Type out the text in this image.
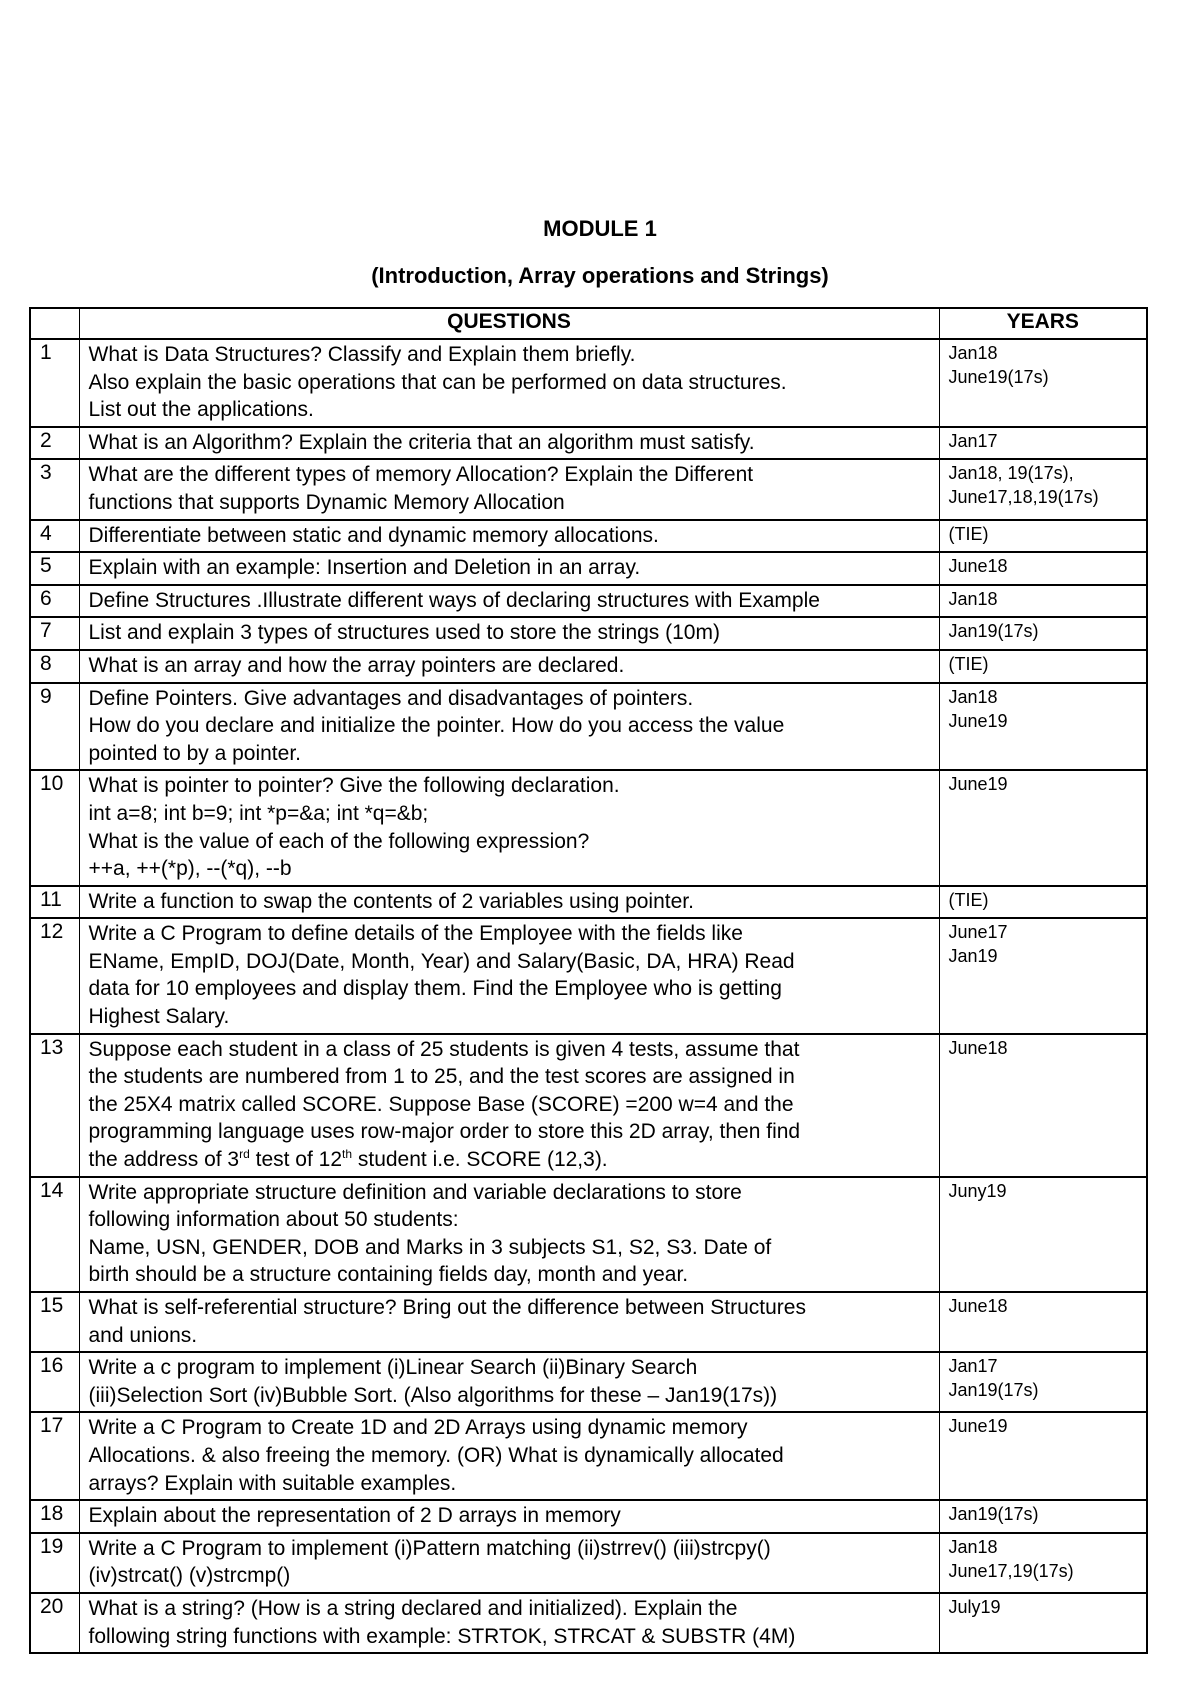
MODULE 1
(Introduction, Array operations and Strings)
	QUESTIONS	YEARS
1	What is Data Structures? Classify and Explain them briefly.
Also explain the basic operations that can be performed on data structures.
List out the applications.	Jan18
June19(17s)

2	What is an Algorithm? Explain the criteria that an algorithm must satisfy.	Jan17

3	What are the different types of memory Allocation? Explain the Different
functions that supports Dynamic Memory Allocation	Jan18, 19(17s),
June17,18,19(17s)

4	Differentiate between static and dynamic memory allocations.	(TIE)

5	Explain with an example: Insertion and Deletion in an array.	June18

6	Define Structures .Illustrate different ways of declaring structures with Example	Jan18

7	List and explain 3 types of structures used to store the strings (10m)	Jan19(17s)

8	What is an array and how the array pointers are declared.	(TIE)

9	Define Pointers. Give advantages and disadvantages of pointers.
How do you declare and initialize the pointer. How do you access the value
pointed to by a pointer.	Jan18
June19

10	What is pointer to pointer? Give the following declaration.
int a=8; int b=9; int *p=&a; int *q=&b;
What is the value of each of the following expression?
++a, ++(*p), --(*q), --b	June19

11	Write a function to swap the contents of 2 variables using pointer.	(TIE)

12	Write a C Program to define details of the Employee with the fields like
EName, EmpID, DOJ(Date, Month, Year) and Salary(Basic, DA, HRA) Read
data for 10 employees and display them. Find the Employee who is getting
Highest Salary.	June17
Jan19

13	Suppose each student in a class of 25 students is given 4 tests, assume that
the students are numbered from 1 to 25, and the test scores are assigned in
the 25X4 matrix called SCORE. Suppose Base (SCORE) =200 w=4 and the
programming language uses row-major order to store this 2D array, then find
the address of 3rd test of 12th student i.e. SCORE (12,3).	June18

14	Write appropriate structure definition and variable declarations to store
following information about 50 students:
Name, USN, GENDER, DOB and Marks in 3 subjects S1, S2, S3. Date of
birth should be a structure containing fields day, month and year.	Juny19

15	What is self-referential structure? Bring out the difference between Structures
and unions.	June18

16	Write a c program to implement (i)Linear Search (ii)Binary Search
(iii)Selection Sort (iv)Bubble Sort. (Also algorithms for these – Jan19(17s))	Jan17
Jan19(17s)

17	Write a C Program to Create 1D and 2D Arrays using dynamic memory
Allocations. & also freeing the memory. (OR) What is dynamically allocated
arrays? Explain with suitable examples.	June19

18	Explain about the representation of 2 D arrays in memory	Jan19(17s)

19	Write a C Program to implement (i)Pattern matching (ii)strrev() (iii)strcpy()
(iv)strcat() (v)strcmp()	Jan18
June17,19(17s)

20	What is a string? (How is a string declared and initialized). Explain the
following string functions with example: STRTOK, STRCAT & SUBSTR (4M)	July19
